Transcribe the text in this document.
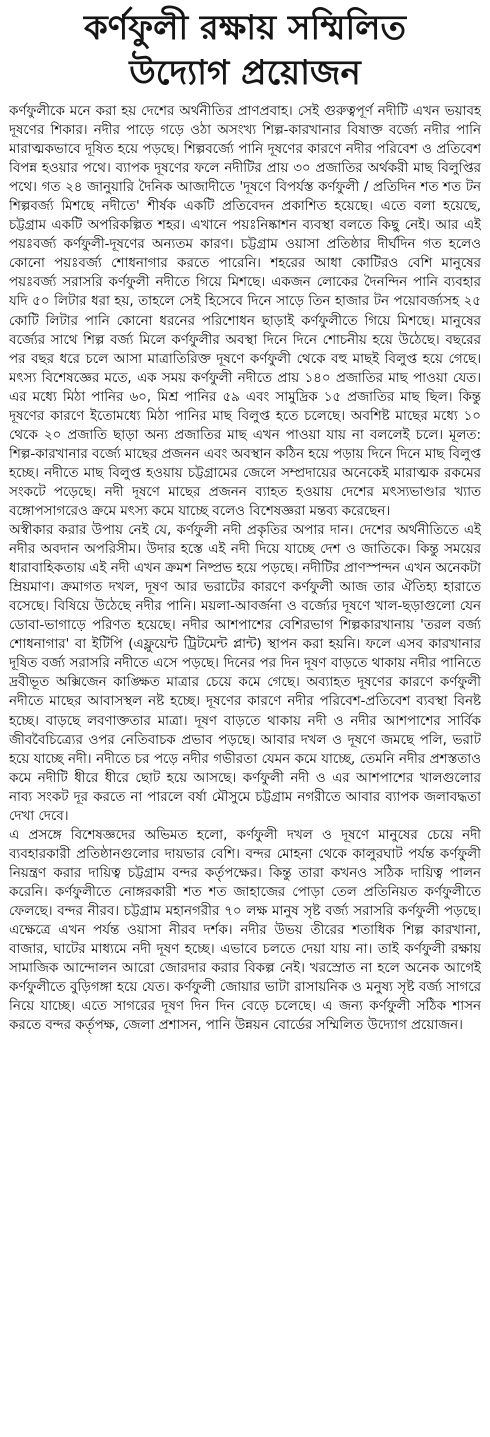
কর্ণফুলী রক্ষায় সম্মিলিত
উদ্যোগ প্রয়োজন

কর্ণফুলীকে মনে করা হয় দেশের অর্থনীতির প্রাণপ্রবাহ। সেই গুরুত্বপূর্ণ নদীটি এখন ভয়াবহ দূষণের শিকার। নদীর পাড়ে গড়ে ওঠা অসংখ্য শিল্প-কারখানার বিষাক্ত বর্জ্যে নদীর পানি মারাত্মকভাবে দূষিত হয়ে পড়ছে। শিল্পবর্জ্যে পানি দূষণের কারণে নদীর পরিবেশ ও প্রতিবেশ বিপন্ন হওয়ার পথে। ব্যাপক দূষণের ফলে নদীটির প্রায় ৩০ প্রজাতির অর্থকরী মাছ বিলুপ্তির পথে। গত ২৪ জানুয়ারি দৈনিক আজাদীতে 'দূষণে বিপর্যস্ত কর্ণফুলী / প্রতিদিন শত শত টন শিল্পবর্জ্য মিশছে নদীতে' শীর্ষক একটি প্রতিবেদন প্রকাশিত হয়েছে। এতে বলা হয়েছে, চট্টগ্রাম একটি অপরিকল্পিত শহর। এখানে পয়ঃনিষ্কাশন ব্যবস্থা বলতে কিছু নেই। আর এই পয়ঃবর্জ্য কর্ণফুলী-দূষণের অন্যতম কারণ। চট্টগ্রাম ওয়াসা প্রতিষ্ঠার দীর্ঘদিন গত হলেও কোনো পয়ঃবর্জ্য শোধনাগার করতে পারেনি। শহরের আধা কোটিরও বেশি মানুষের পয়ঃবর্জ্য সরাসরি কর্ণফুলী নদীতে গিয়ে মিশছে। একজন লোকের দৈনন্দিন পানি ব্যবহার যদি ৫০ লিটার ধরা হয়, তাহলে সেই হিসেবে দিনে সাড়ে তিন হাজার টন পয়োবর্জ্যসহ ২৫ কোটি লিটার পানি কোনো ধরনের পরিশোধন ছাড়াই কর্ণফুলীতে গিয়ে মিশছে। মানুষের বর্জ্যের সাথে শিল্প বর্জ্য মিলে কর্ণফুলীর অবস্থা দিনে দিনে শোচনীয় হয়ে উঠেছে। বছরের পর বছর ধরে চলে আসা মাত্রাতিরিক্ত দূষণে কর্ণফুলী থেকে বহু মাছই বিলুপ্ত হয়ে গেছে। মৎস্য বিশেষজ্ঞের মতে, এক সময় কর্ণফুলী নদীতে প্রায় ১৪০ প্রজাতির মাছ পাওয়া যেত। এর মধ্যে মিঠা পানির ৬০, মিশ্র পানির ৫৯ এবং সামুদ্রিক ১৫ প্রজাতির মাছ ছিল। কিন্তু দূষণের কারণে ইতোমধ্যে মিঠা পানির মাছ বিলুপ্ত হতে চলেছে। অবশিষ্ট মাছের মধ্যে ১০ থেকে ২০ প্রজাতি ছাড়া অন্য প্রজাতির মাছ এখন পাওয়া যায় না বললেই চলে। মূলত: শিল্প-কারখানার বর্জ্যে মাছের প্রজনন এবং অবস্থান কঠিন হয়ে পড়ায় দিনে দিনে মাছ বিলুপ্ত হচ্ছে। নদীতে মাছ বিলুপ্ত হওয়ায় চট্টগ্রামের জেলে সম্প্রদায়ের অনেকেই মারাত্মক রকমের সংকটে পড়েছে। নদী দূষণে মাছের প্রজনন ব্যাহত হওয়ায় দেশের মৎস্যভাণ্ডার খ্যাত বঙ্গোপসাগরেও ক্রমে মৎস্য কমে যাচ্ছে বলেও বিশেষজ্ঞরা মন্তব্য করেছেন।

অস্বীকার করার উপায় নেই যে, কর্ণফুলী নদী প্রকৃতির অপার দান। দেশের অর্থনীতিতে এই নদীর অবদান অপরিসীম। উদার হস্তে এই নদী দিয়ে যাচ্ছে দেশ ও জাতিকে। কিন্তু সময়ের ধারাবাহিকতায় এই নদী এখন ক্রমশ নিষ্প্রভ হয়ে পড়ছে। নদীটির প্রাণস্পন্দন এখন অনেকটা ম্রিয়মাণ। ক্রমাগত দখল, দূষণ আর ভরাটের কারণে কর্ণফুলী আজ তার ঐতিহ্য হারাতে বসেছে। বিষিয়ে উঠেছে নদীর পানি। ময়লা-আবর্জনা ও বর্জ্যের দূষণে খাল-ছড়াগুলো যেন ডোবা-ভাগাড়ে পরিণত হয়েছে। নদীর আশপাশের বেশিরভাগ শিল্পকারখানায় 'তরল বর্জ্য শোধনাগার' বা ইটিপি (এফ্লুয়েন্ট ট্রিটমেন্ট প্লান্ট) স্থাপন করা হয়নি। ফলে এসব কারখানার দূষিত বর্জ্য সরাসরি নদীতে এসে পড়ছে। দিনের পর দিন দূষণ বাড়তে থাকায় নদীর পানিতে দ্রবীভূত অক্সিজেন কাঙ্ক্ষিত মাত্রার চেয়ে কমে গেছে। অব্যাহত দূষণের কারণে কর্ণফুলী নদীতে মাছের আবাসস্থল নষ্ট হচ্ছে। দূষণের কারণে নদীর পরিবেশ-প্রতিবেশ ব্যবস্থা বিনষ্ট হচ্ছে। বাড়ছে লবণাক্ততার মাত্রা। দূষণ বাড়তে থাকায় নদী ও নদীর আশপাশের সার্বিক জীববৈচিত্র্যের ওপর নেতিবাচক প্রভাব পড়ছে। আবার দখল ও দূষণে জমছে পলি, ভরাট হয়ে যাচ্ছে নদী। নদীতে চর পড়ে নদীর গভীরতা যেমন কমে যাচ্ছে, তেমনি নদীর প্রশস্ততাও কমে নদীটি ধীরে ধীরে ছোট হয়ে আসছে। কর্ণফুলী নদী ও এর আশপাশের খালগুলোর নাব্য সংকট দূর করতে না পারলে বর্ষা মৌসুমে চট্টগ্রাম নগরীতে আবার ব্যাপক জলাবদ্ধতা দেখা দেবে।

এ প্রসঙ্গে বিশেষজ্ঞদের অভিমত হলো, কর্ণফুলী দখল ও দূষণে মানুষের চেয়ে নদী ব্যবহারকারী প্রতিষ্ঠানগুলোর দায়ভার বেশি। বন্দর মোহনা থেকে কালুরঘাট পর্যন্ত কর্ণফুলী নিয়ন্ত্রণ করার দায়িত্ব চট্টগ্রাম বন্দর কর্তৃপক্ষের। কিন্তু তারা কখনও সঠিক দায়িত্ব পালন করেনি। কর্ণফুলীতে নোঙ্গরকারী শত শত জাহাজের পোড়া তেল প্রতিনিয়ত কর্ণফুলীতে ফেলছে। বন্দর নীরব। চট্টগ্রাম মহানগরীর ৭০ লক্ষ মানুষ সৃষ্ট বর্জ্য সরাসরি কর্ণফুলী পড়ছে। এক্ষেত্রে এখন পর্যন্ত ওয়াসা নীরব দর্শক। নদীর উভয় তীরের শতাধিক শিল্প কারখানা, বাজার, ঘাটের মাধ্যমে নদী দূষণ হচ্ছে। এভাবে চলতে দেয়া যায় না। তাই কর্ণফুলী রক্ষায় সামাজিক আন্দোলন আরো জোরদার করার বিকল্প নেই। খরস্রোত না হলে অনেক আগেই কর্ণফুলীতে বুড়িগঙ্গা হয়ে যেত। কর্ণফুলী জোয়ার ভাটা রাসায়নিক ও মনুষ্য সৃষ্ট বর্জ্য সাগরে নিয়ে যাচ্ছে। এতে সাগরের দূষণ দিন দিন বেড়ে চলেছে। এ জন্য কর্ণফুলী সঠিক শাসন করতে বন্দর কর্তৃপক্ষ, জেলা প্রশাসন, পানি উন্নয়ন বোর্ডের সম্মিলিত উদ্যোগ প্রয়োজন।
